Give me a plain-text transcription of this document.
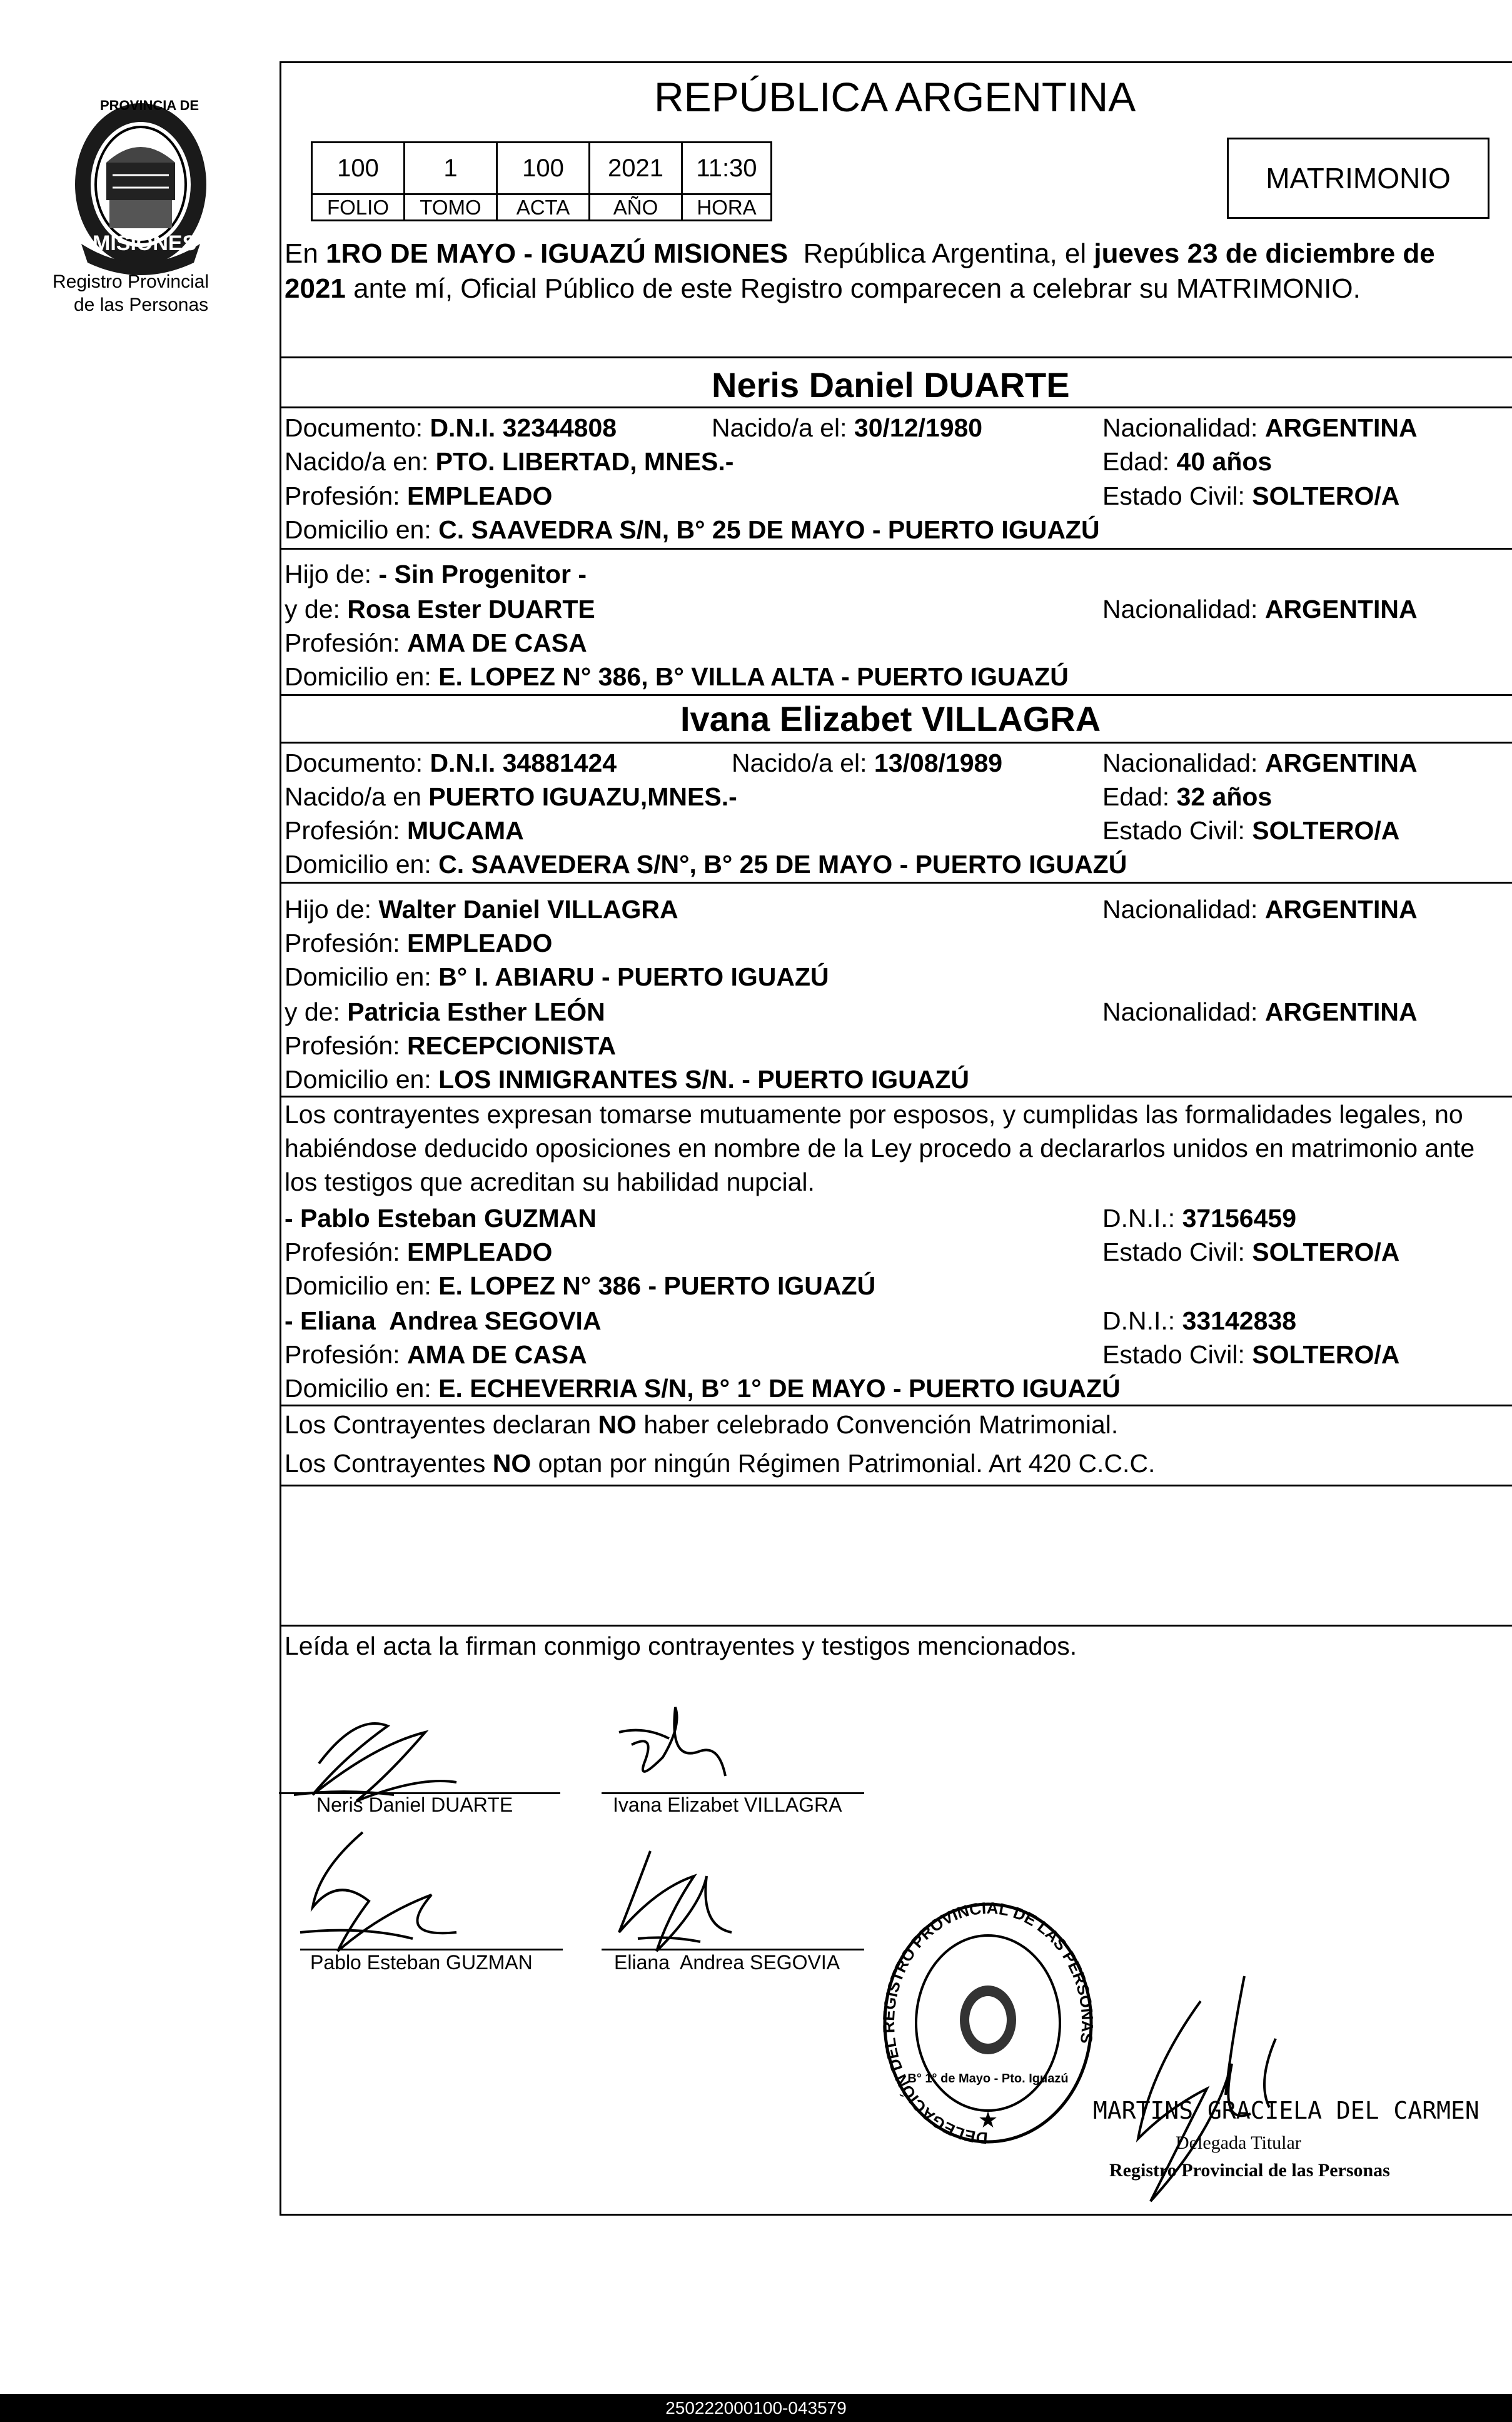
PROVINCIA DE
MISIONES
Registro Provincial
de las Personas
REPÚBLICA ARGENTINA
MATRIMONIO
100	1	100 2021 11:30
FOLIO TOMO ACTA AÑO HORA
En 1RO DE MAYO - IGUAZÚ MISIONES  República Argentina, el jueves 23 de diciembre de
2021 ante mí, Oficial Público de este Registro comparecen a celebrar su MATRIMONIO.
Neris Daniel DUARTE
Documento: D.N.I. 32344808	Nacido/a el: 30/12/1980	Nacionalidad: ARGENTINA
Nacido/a en: PTO. LIBERTAD, MNES.-	Edad: 40 años
Profesión: EMPLEADO	Estado Civil: SOLTERO/A
Domicilio en: C. SAAVEDRA S/N, B° 25 DE MAYO - PUERTO IGUAZÚ
Hijo de: - Sin Progenitor -
y de: Rosa Ester DUARTE	Nacionalidad: ARGENTINA
Profesión: AMA DE CASA
Domicilio en: E. LOPEZ N° 386, B° VILLA ALTA - PUERTO IGUAZÚ
Ivana Elizabet VILLAGRA
Documento: D.N.I. 34881424	Nacido/a el: 13/08/1989	Nacionalidad: ARGENTINA
Nacido/a en PUERTO IGUAZU,MNES.-	Edad: 32 años
Profesión: MUCAMA	Estado Civil: SOLTERO/A
Domicilio en: C. SAAVEDERA S/N°, B° 25 DE MAYO - PUERTO IGUAZÚ
Hijo de: Walter Daniel VILLAGRA	Nacionalidad: ARGENTINA
Profesión: EMPLEADO
Domicilio en: B° I. ABIARU - PUERTO IGUAZÚ
y de: Patricia Esther LEÓN	Nacionalidad: ARGENTINA
Profesión: RECEPCIONISTA
Domicilio en: LOS INMIGRANTES S/N. - PUERTO IGUAZÚ
Los contrayentes expresan tomarse mutuamente por esposos, y cumplidas las formalidades legales, no
habiéndose deducido oposiciones en nombre de la Ley procedo a declararlos unidos en matrimonio ante
los testigos que acreditan su habilidad nupcial.
- Pablo Esteban GUZMAN	D.N.I.: 37156459
Profesión: EMPLEADO	Estado Civil: SOLTERO/A
Domicilio en: E. LOPEZ N° 386 - PUERTO IGUAZÚ
- Eliana  Andrea SEGOVIA	D.N.I.: 33142838
Profesión: AMA DE CASA	Estado Civil: SOLTERO/A
Domicilio en: E. ECHEVERRIA S/N, B° 1° DE MAYO - PUERTO IGUAZÚ
Los Contrayentes declaran NO haber celebrado Convención Matrimonial.
Los Contrayentes NO optan por ningún Régimen Patrimonial. Art 420 C.C.C.
Leída el acta la firman conmigo contrayentes y testigos mencionados.
Neris Daniel DUARTE	Ivana Elizabet VILLAGRA
Pablo Esteban GUZMAN	Eliana  Andrea SEGOVIA
DELEGACIÓN DEL REGISTRO PROVINCIAL DE LAS PERSONAS
B° 1° de Mayo - Pto. Iguazú
★	MARTINS GRACIELA DEL CARMEN
Delegada Titular
Registro Provincial de las Personas
250222000100-043579
